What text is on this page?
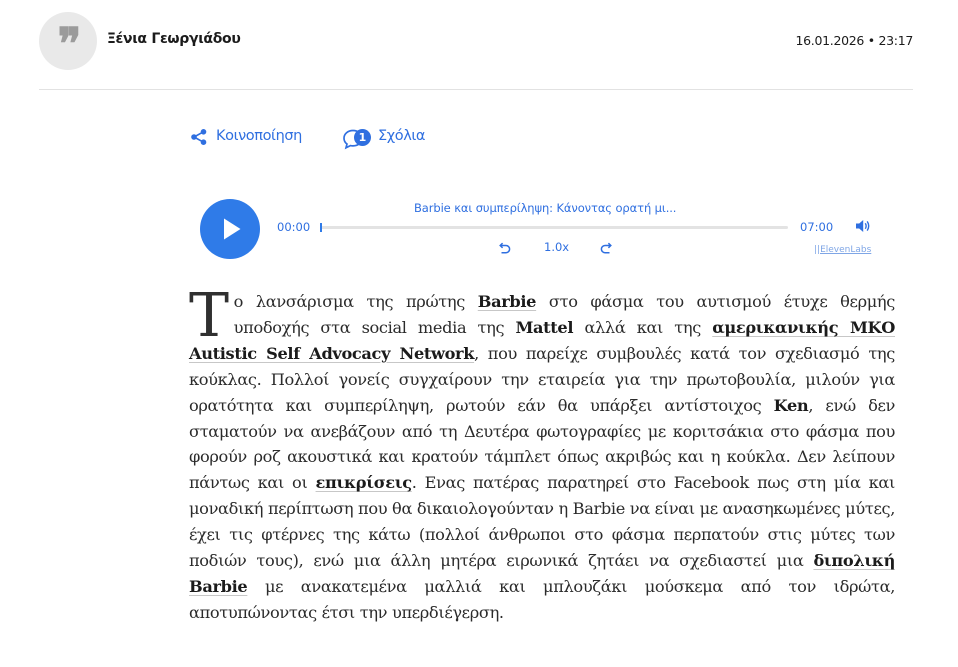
❞	Ξένια Γεωργιάδου	16.01.2026 • 23:17
Κοινοποίηση	1 Σχόλια
Barbie και συμπερίληψη: Κάνοντας ορατή μι...
00:00	07:00
1.0x	||ElevenLabs
Το λανσάρισμα της πρώτης Barbie στο φάσμα του αυτισμού έτυχε θερμής υποδοχής στα social media της Mattel αλλά και της αμερικανικής ΜΚΟ Autistic Self Advocacy Network, που παρείχε συμβουλές κατά τον σχεδιασμό της κούκλας. Πολλοί γονείς συγχαίρουν την εταιρεία για την πρωτοβουλία, μιλούν για ορατότητα και συμπερίληψη, ρωτούν εάν θα υπάρξει αντίστοιχος Ken, ενώ δεν σταματούν να ανεβάζουν από τη Δευτέρα φωτογραφίες με κοριτσάκια στο φάσμα που φορούν ροζ ακουστικά και κρατούν τάμπλετ όπως ακριβώς και η κούκλα. Δεν λείπουν πάντως και οι επικρίσεις. Ενας πατέρας παρατηρεί στο Facebook πως στη μία και μοναδική περίπτωση που θα δικαιολογούνταν η Barbie να είναι με ανασηκωμένες μύτες, έχει τις φτέρνες της κάτω (πολλοί άνθρωποι στο φάσμα περπατούν στις μύτες των ποδιών τους), ενώ μια άλλη μητέρα ειρωνικά ζητάει να σχεδιαστεί μια διπολική Barbie με ανακατεμένα μαλλιά και μπλουζάκι μούσκεμα από τον ιδρώτα, αποτυπώνοντας έτσι την υπερδιέγερση.
